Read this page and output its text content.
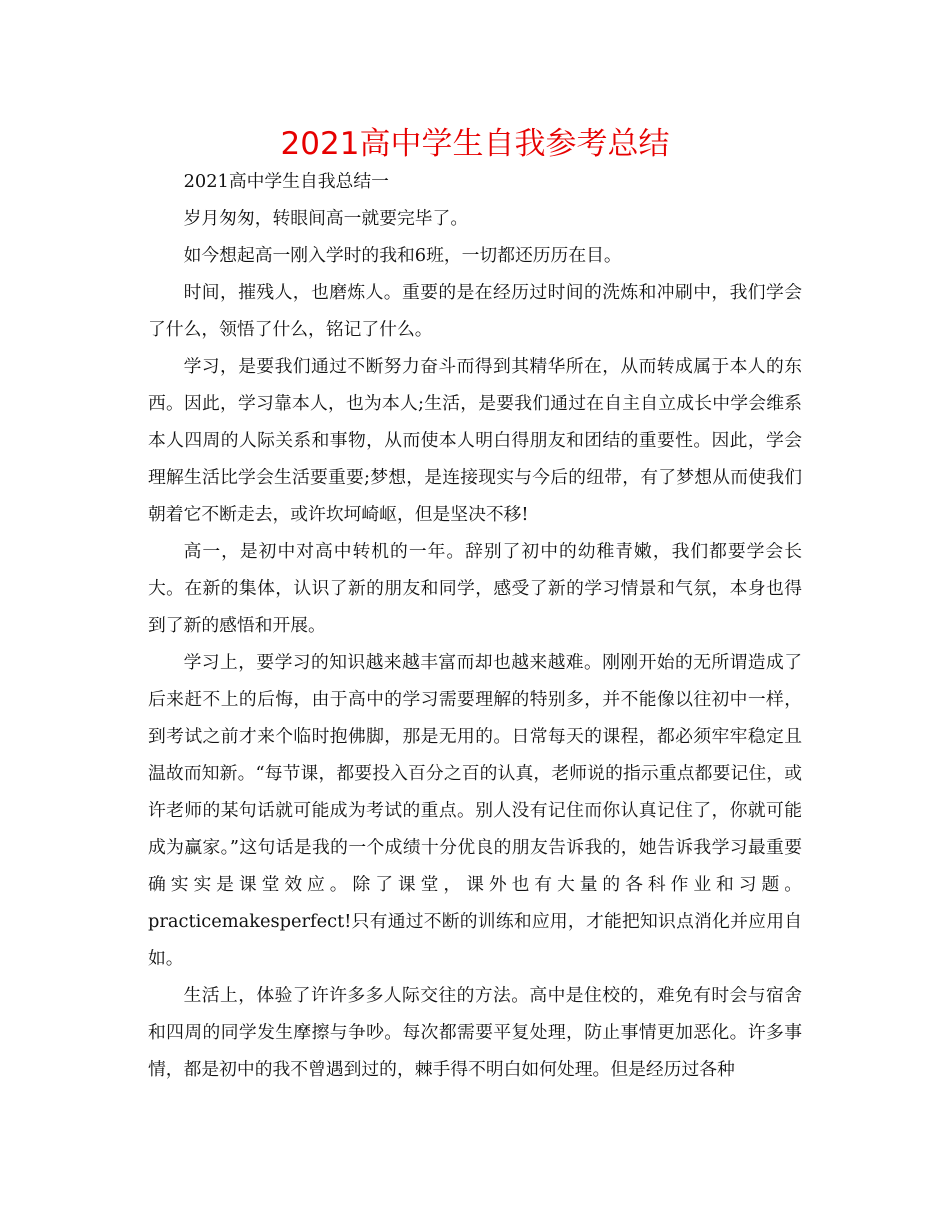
2021高中学生自我参考总结

2021高中学生自我总结一

岁月匆匆，转眼间高一就要完毕了。

如今想起高一刚入学时的我和6班，一切都还历历在目。

时间，摧残人，也磨炼人。重要的是在经历过时间的洗炼和冲刷中，我们学会了什么，领悟了什么，铭记了什么。

学习，是要我们通过不断努力奋斗而得到其精华所在，从而转成属于本人的东西。因此，学习靠本人，也为本人;生活，是要我们通过在自主自立成长中学会维系本人四周的人际关系和事物，从而使本人明白得朋友和团结的重要性。因此，学会理解生活比学会生活要重要;梦想，是连接现实与今后的纽带，有了梦想从而使我们朝着它不断走去，或许坎坷崎岖，但是坚决不移!

高一，是初中对高中转机的一年。辞别了初中的幼稚青嫩，我们都要学会长大。在新的集体，认识了新的朋友和同学，感受了新的学习情景和气氛，本身也得到了新的感悟和开展。

学习上，要学习的知识越来越丰富而却也越来越难。刚刚开始的无所谓造成了后来赶不上的后悔，由于高中的学习需要理解的特别多，并不能像以往初中一样，到考试之前才来个临时抱佛脚，那是无用的。日常每天的课程，都必须牢牢稳定且温故而知新。“每节课，都要投入百分之百的认真，老师说的指示重点都要记住，或许老师的某句话就可能成为考试的重点。别人没有记住而你认真记住了，你就可能成为赢家。”这句话是我的一个成绩十分优良的朋友告诉我的，她告诉我学习最重要确实实是课堂效应。除了课堂，课外也有大量的各科作业和习题。practicemakesperfect!只有通过不断的训练和应用，才能把知识点消化并应用自如。

生活上，体验了许许多多人际交往的方法。高中是住校的，难免有时会与宿舍和四周的同学发生摩擦与争吵。每次都需要平复处理，防止事情更加恶化。许多事情，都是初中的我不曾遇到过的，棘手得不明白如何处理。但是经历过各种
